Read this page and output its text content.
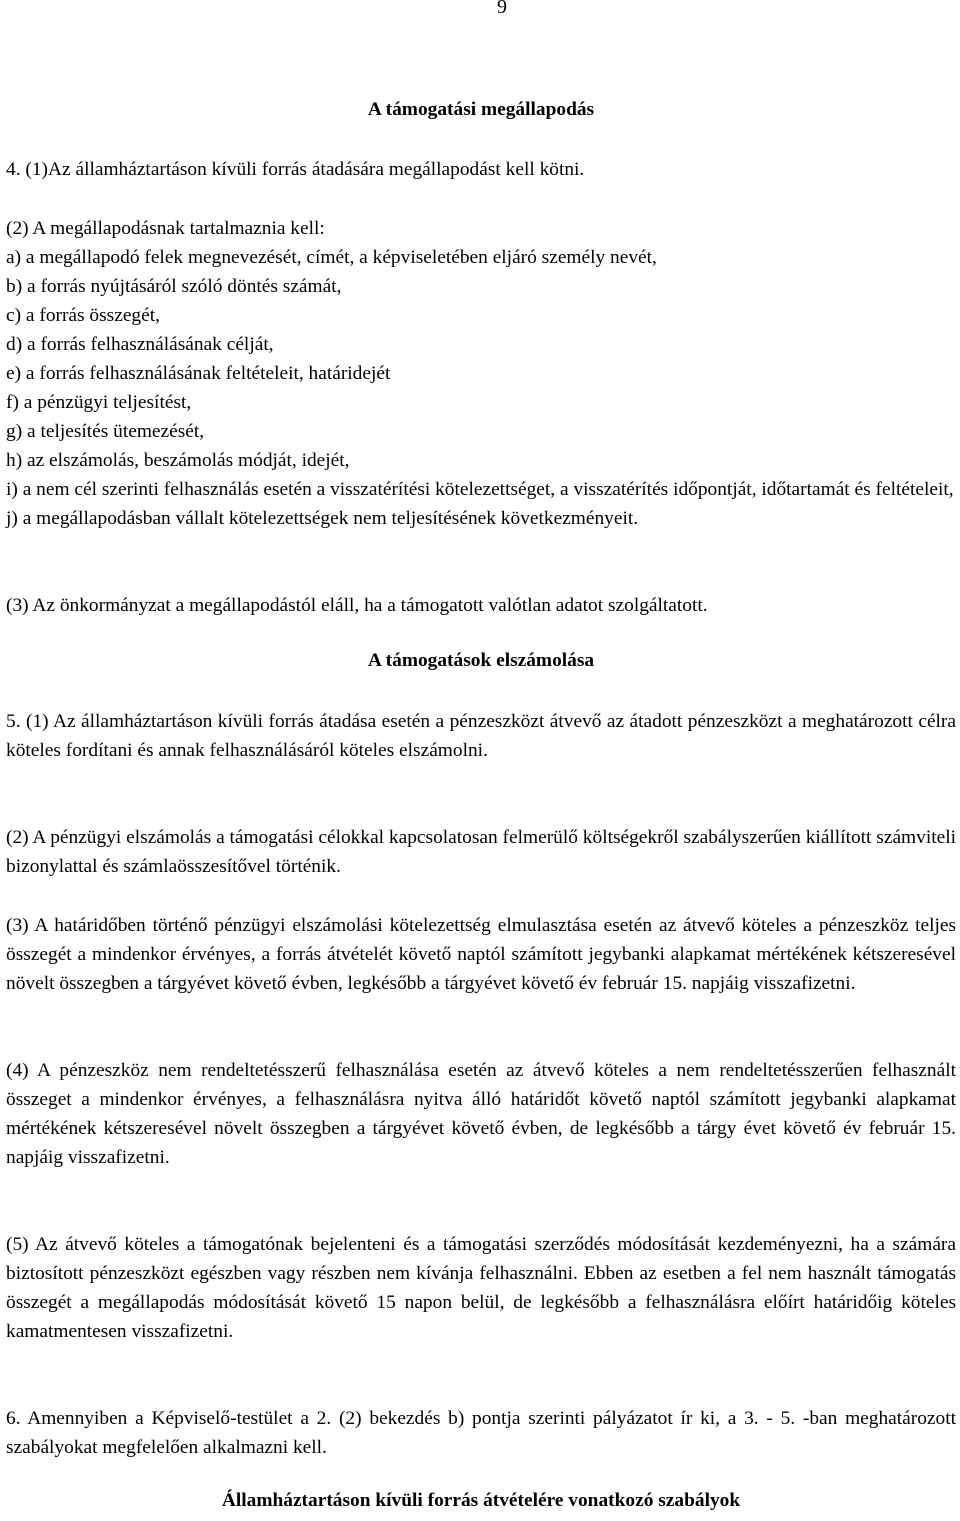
9
A támogatási megállapodás
4. (1)Az államháztartáson kívüli forrás átadására megállapodást kell kötni.
(2) A megállapodásnak tartalmaznia kell:
a) a megállapodó felek megnevezését, címét, a képviseletében eljáró személy nevét,
b) a forrás nyújtásáról szóló döntés számát,
c) a forrás összegét,
d) a forrás felhasználásának célját,
e) a forrás felhasználásának feltételeit, határidejét
f) a pénzügyi teljesítést,
g) a teljesítés ütemezését,
h) az elszámolás, beszámolás módját, idejét,
i) a nem cél szerinti felhasználás esetén a visszatérítési kötelezettséget, a visszatérítés időpontját, időtartamát és feltételeit,
j) a megállapodásban vállalt kötelezettségek nem teljesítésének következményeit.
(3) Az önkormányzat a megállapodástól eláll, ha a támogatott valótlan adatot szolgáltatott.
A támogatások elszámolása
5. (1) Az államháztartáson kívüli forrás átadása esetén a pénzeszközt átvevő az átadott pénzeszközt a meghatározott célra köteles fordítani és annak felhasználásáról köteles elszámolni.
(2) A pénzügyi elszámolás a támogatási célokkal kapcsolatosan felmerülő költségekről szabályszerűen kiállított számviteli bizonylattal és számlaösszesítővel történik.
(3) A határidőben történő pénzügyi elszámolási kötelezettség elmulasztása esetén az átvevő köteles a pénzeszköz teljes összegét a mindenkor érvényes, a forrás átvételét követő naptól számított jegybanki alapkamat mértékének kétszeresével növelt összegben a tárgyévet követő évben, legkésőbb a tárgyévet követő év február 15. napjáig visszafizetni.
(4) A pénzeszköz nem rendeltetésszerű felhasználása esetén az átvevő köteles a nem rendeltetésszerűen felhasznált összeget a mindenkor érvényes, a felhasználásra nyitva álló határidőt követő naptól számított jegybanki alapkamat mértékének kétszeresével növelt összegben a tárgyévet követő évben, de legkésőbb a tárgy évet követő év február 15. napjáig visszafizetni.
(5) Az átvevő köteles a támogatónak bejelenteni és a támogatási szerződés módosítását kezdeményezni, ha a számára biztosított pénzeszközt egészben vagy részben nem kívánja felhasználni. Ebben az esetben a fel nem használt támogatás összegét a megállapodás módosítását követő 15 napon belül, de legkésőbb a felhasználásra előírt határidőig köteles kamatmentesen visszafizetni.
6. Amennyiben a Képviselő-testület a 2. (2) bekezdés b) pontja szerinti pályázatot ír ki, a 3. - 5. -ban meghatározott szabályokat megfelelően alkalmazni kell.
Államháztartáson kívüli forrás átvételére vonatkozó szabályok
